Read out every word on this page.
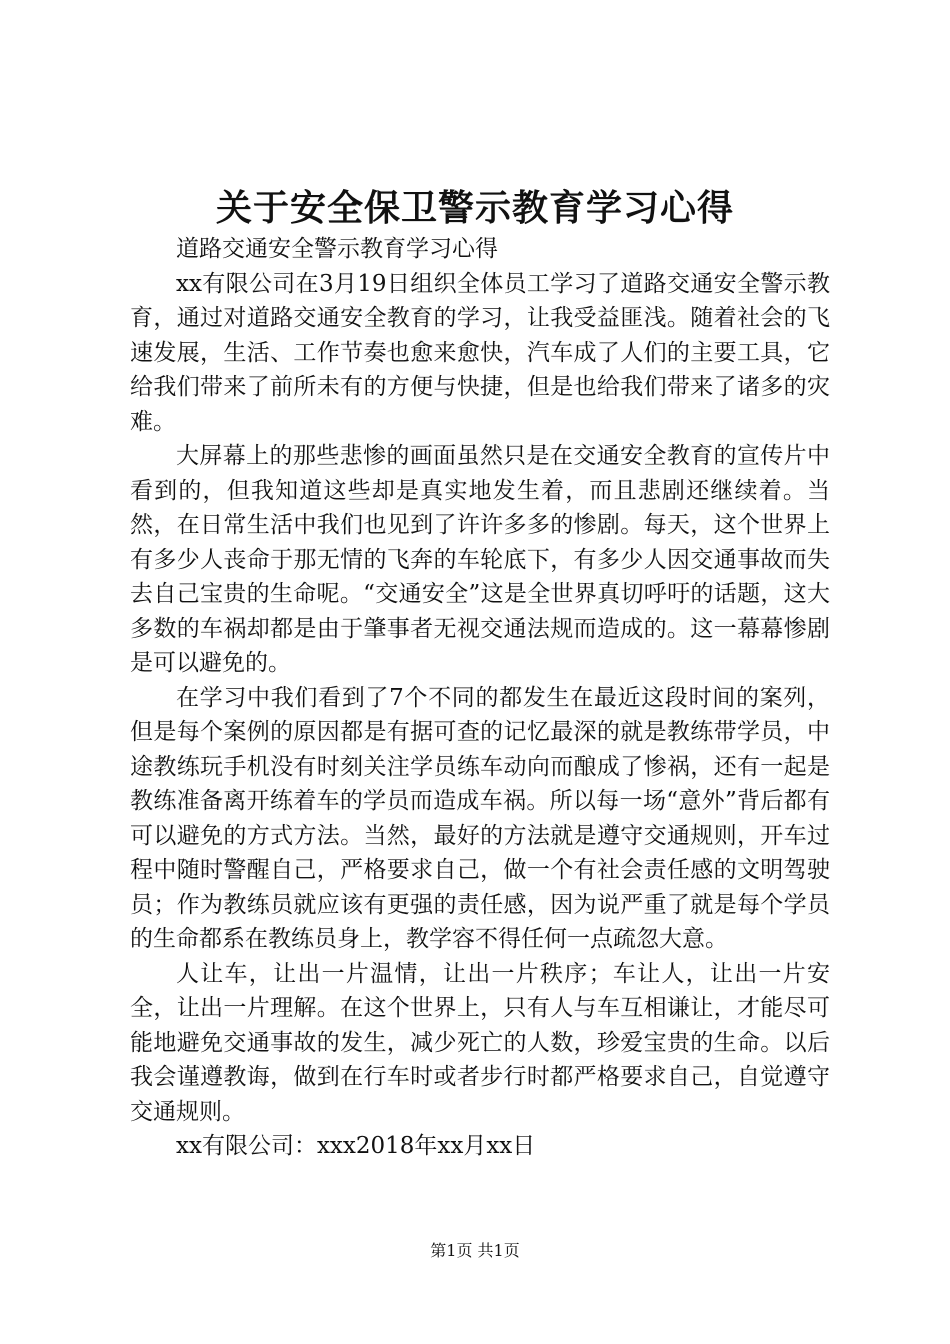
关于安全保卫警示教育学习心得

道路交通安全警示教育学习心得

xx有限公司在3月19日组织全体员工学习了道路交通安全警示教育，通过对道路交通安全教育的学习，让我受益匪浅。随着社会的飞速发展，生活、工作节奏也愈来愈快，汽车成了人们的主要工具，它给我们带来了前所未有的方便与快捷，但是也给我们带来了诸多的灾难。

大屏幕上的那些悲惨的画面虽然只是在交通安全教育的宣传片中看到的，但我知道这些却是真实地发生着，而且悲剧还继续着。当然，在日常生活中我们也见到了许许多多的惨剧。每天，这个世界上有多少人丧命于那无情的飞奔的车轮底下，有多少人因交通事故而失去自己宝贵的生命呢。“交通安全”这是全世界真切呼吁的话题，这大多数的车祸却都是由于肇事者无视交通法规而造成的。这一幕幕惨剧是可以避免的。

在学习中我们看到了7个不同的都发生在最近这段时间的案列，但是每个案例的原因都是有据可查的记忆最深的就是教练带学员，中途教练玩手机没有时刻关注学员练车动向而酿成了惨祸，还有一起是教练准备离开练着车的学员而造成车祸。所以每一场“意外”背后都有可以避免的方式方法。当然，最好的方法就是遵守交通规则，开车过程中随时警醒自己，严格要求自己，做一个有社会责任感的文明驾驶员；作为教练员就应该有更强的责任感，因为说严重了就是每个学员的生命都系在教练员身上，教学容不得任何一点疏忽大意。

人让车，让出一片温情，让出一片秩序；车让人，让出一片安全，让出一片理解。在这个世界上，只有人与车互相谦让，才能尽可能地避免交通事故的发生，减少死亡的人数，珍爱宝贵的生命。以后我会谨遵教诲，做到在行车时或者步行时都严格要求自己，自觉遵守交通规则。

xx有限公司：xxx2018年xx月xx日

第1页 共1页
